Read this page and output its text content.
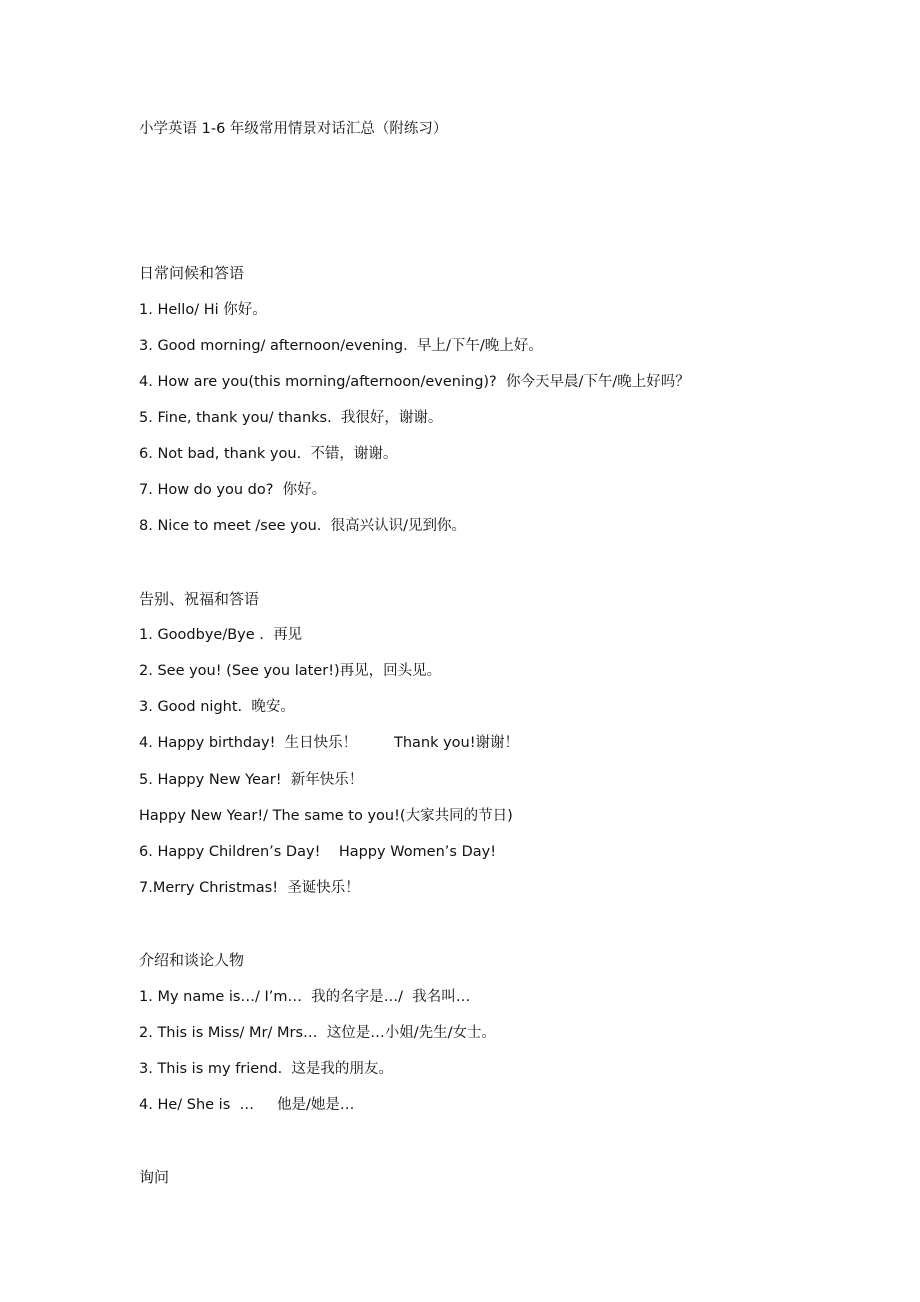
小学英语 1-6 年级常用情景对话汇总（附练习）
日常问候和答语
1. Hello/ Hi 你好。
3. Good morning/ afternoon/evening.  早上/下午/晚上好。
4. How are you(this morning/afternoon/evening)?  你今天早晨/下午/晚上好吗？
5. Fine, thank you/ thanks.  我很好，谢谢。
6. Not bad, thank you.  不错，谢谢。
7. How do you do?  你好。
8. Nice to meet /see you.  很高兴认识/见到你。
告别、祝福和答语
1. Goodbye/Bye .  再见
2. See you! (See you later!)再见，回头见。
3. Good night.  晚安。
4. Happy birthday!  生日快乐！        Thank you!谢谢！
5. Happy New Year!  新年快乐！
Happy New Year!/ The same to you!(大家共同的节日)
6. Happy Children’s Day!    Happy Women’s Day!
7.Merry Christmas!  圣诞快乐！
介绍和谈论人物
1. My name is…/ I’m…  我的名字是…/  我名叫…
2. This is Miss/ Mr/ Mrs…  这位是…小姐/先生/女士。
3. This is my friend.  这是我的朋友。
4. He/ She is  …     他是/她是…
询问
